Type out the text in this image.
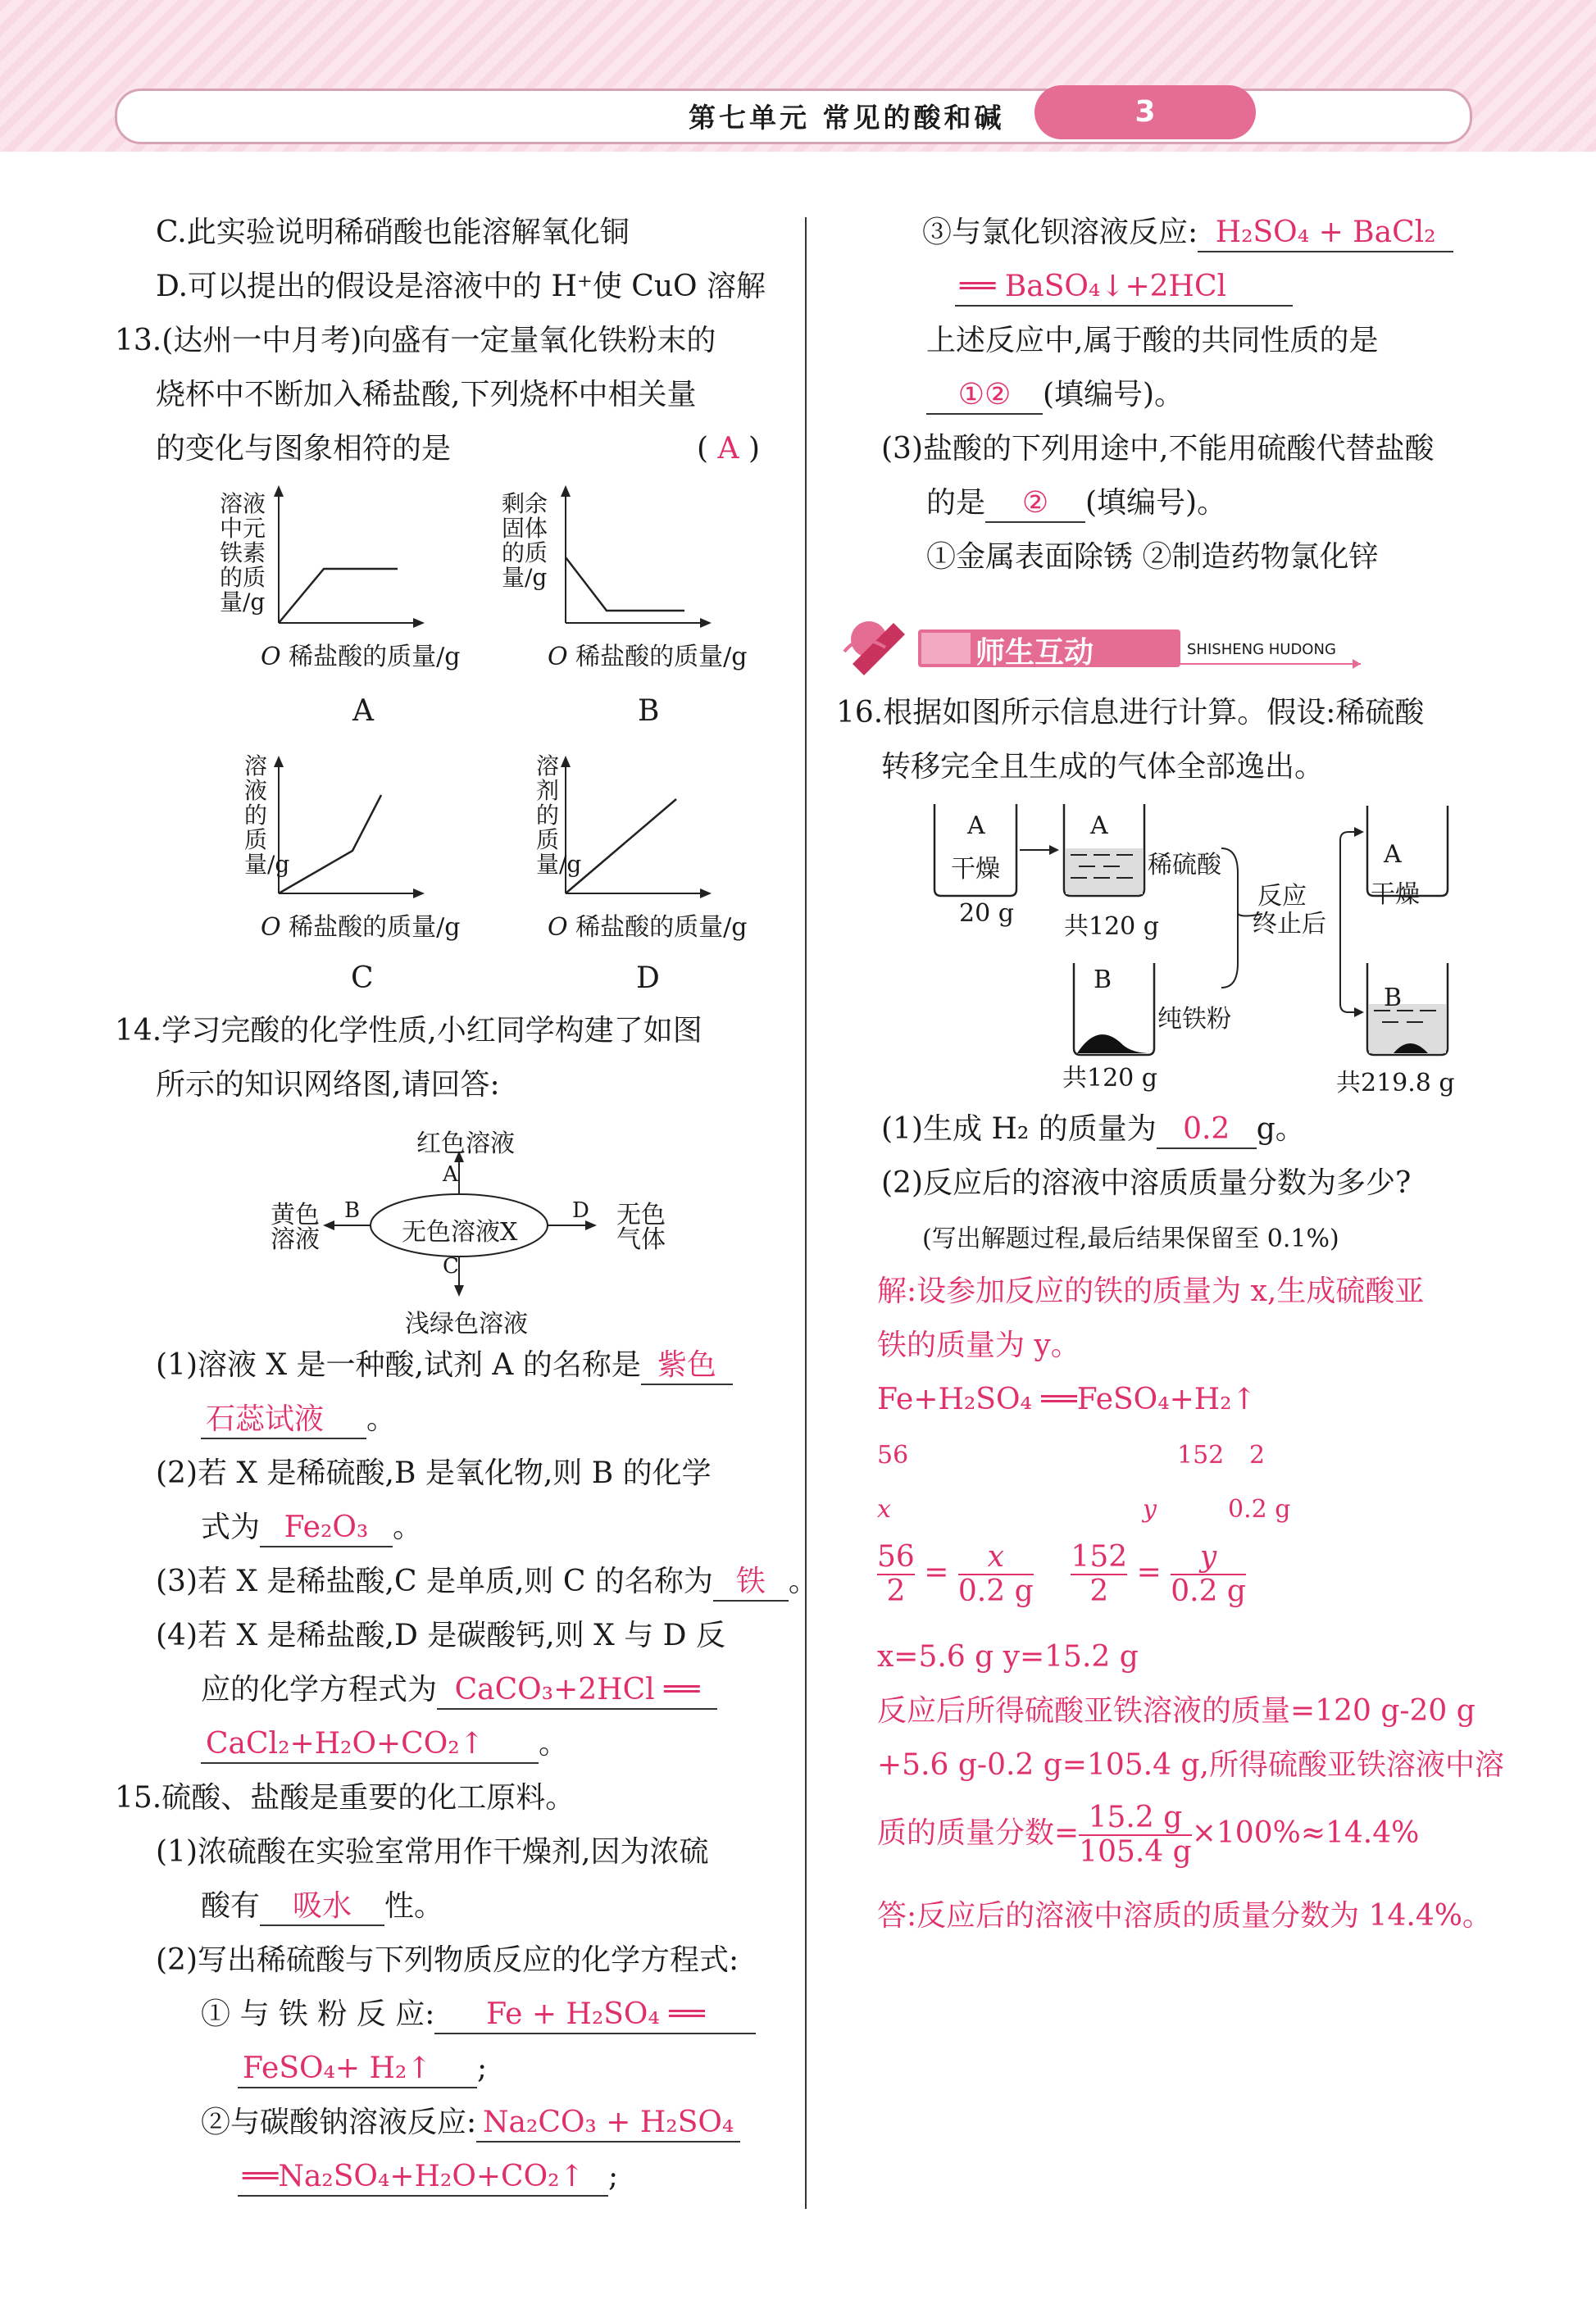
第七单元 常见的酸和碱	3
C.此实验说明稀硝酸也能溶解氧化铜
D.可以提出的假设是溶液中的 H⁺使 CuO 溶解
13.(达州一中月考)向盛有一定量氧化铁粉末的
烧杯中不断加入稀盐酸,下列烧杯中相关量
的变化与图象相符的是	( A )
溶液中元铁素的质量/g
剩余固体的质量/g
溶液的质量/g
溶剂的质量/g
O 稀盐酸的质量/g	O 稀盐酸的质量/g
O 稀盐酸的质量/g	O 稀盐酸的质量/g
A	B
C	D
14.学习完酸的化学性质,小红同学构建了如图
所示的知识网络图,请回答:
红色溶液
A
无色溶液X
B	D
C
黄色溶液
无色气体
浅绿色溶液
(1)溶液 X 是一种酸,试剂 A 的名称是 紫色
石蕊试液 。
(2)若 X 是稀硫酸,B 是氧化物,则 B 的化学
式为 Fe₂O₃ 。
(3)若 X 是稀盐酸,C 是单质,则 C 的名称为 铁 。
(4)若 X 是稀盐酸,D 是碳酸钙,则 X 与 D 反
应的化学方程式为 CaCO₃+2HCl ══
CaCl₂+H₂O+CO₂↑ 。
15.硫酸、盐酸是重要的化工原料。
(1)浓硫酸在实验室常用作干燥剂,因为浓硫
酸有 吸水 性。
(2)写出稀硫酸与下列物质反应的化学方程式:
① 与 铁 粉 反 应: Fe + H₂SO₄ ══
FeSO₄+ H₂↑ ;
②与碳酸钠溶液反应: Na₂CO₃ + H₂SO₄
══Na₂SO₄+H₂O+CO₂↑ ;
③与氯化钡溶液反应: H₂SO₄ + BaCl₂
══ BaSO₄↓+2HCl
上述反应中,属于酸的共同性质的是
①② (填编号)。
(3)盐酸的下列用途中,不能用硫酸代替盐酸
的是 ② (填编号)。
①金属表面除锈 ②制造药物氯化锌
师生互动	SHISHENG HUDONG
16.根据如图所示信息进行计算。假设:稀硫酸
转移完全且生成的气体全部逸出。
A
干燥
20 g
A
稀硫酸
共120 g
B
纯铁粉
共120 g
反应
终止后
A
干燥
B
共219.8 g
(1)生成 H₂ 的质量为 0.2 g。
(2)反应后的溶液中溶质质量分数为多少?
(写出解题过程,最后结果保留至 0.1%)
解:设参加反应的铁的质量为 x,生成硫酸亚
铁的质量为 y。
Fe+H₂SO₄ ══FeSO₄+H₂↑
56	152 2
x	y	0.2 g
$\frac{56}{2} = \frac{x}{0.2 g}$
$\frac{152}{2} = \frac{y}{0.2 g}$
x=5.6 g y=15.2 g
反应后所得硫酸亚铁溶液的质量=120 g-20 g
+5.6 g-0.2 g=105.4 g,所得硫酸亚铁溶液中溶
质的质量分数= $\frac{15.2 g}{105.4 g} \times 100\%\approx 14.4\%$
答:反应后的溶液中溶质的质量分数为 14.4%。
